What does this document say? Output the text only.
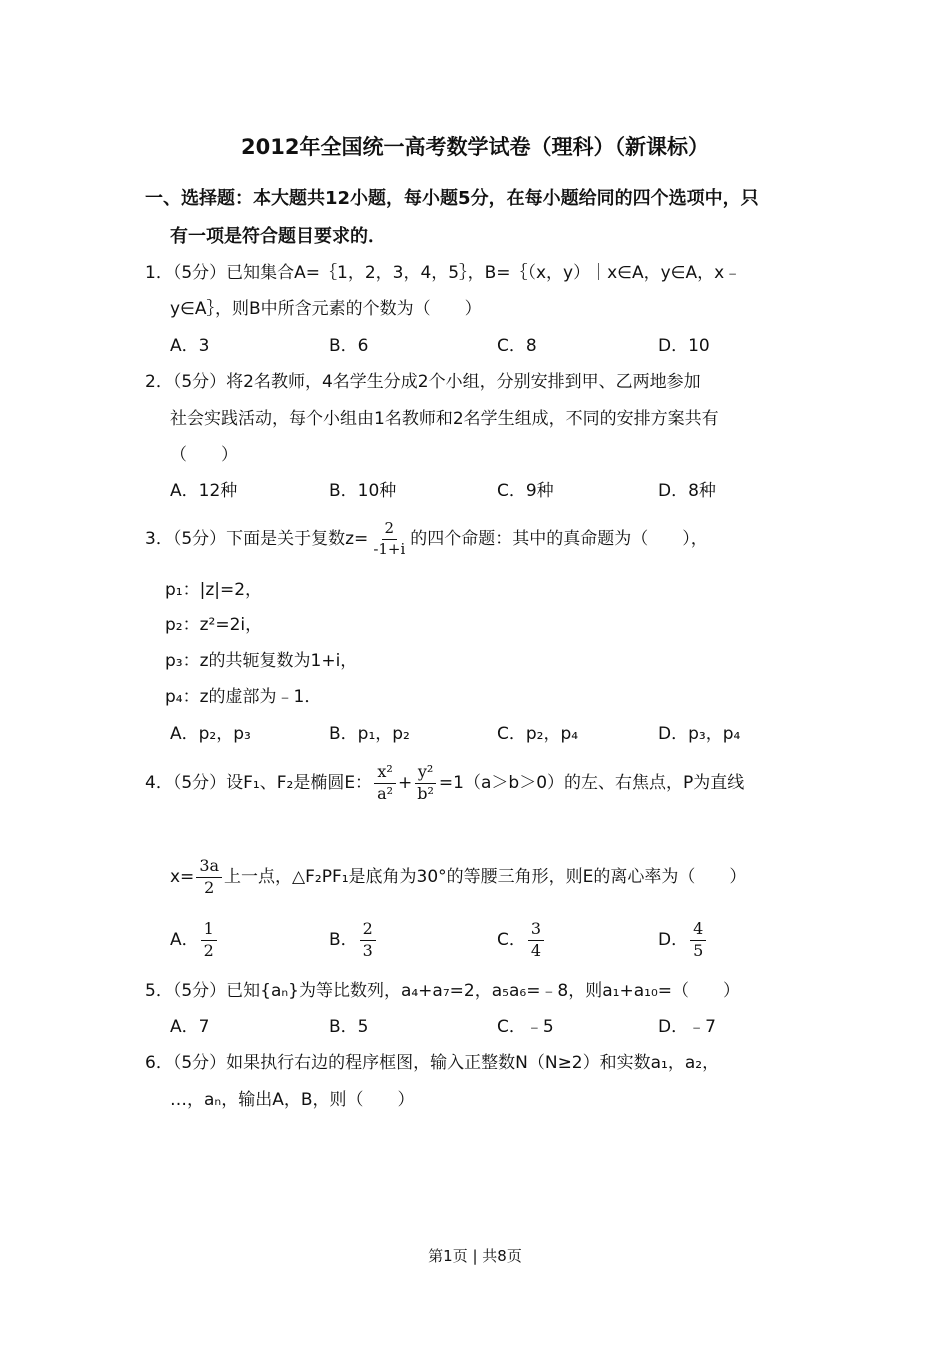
2012年全国统一高考数学试卷（理科）（新课标）
一、选择题：本大题共12小题，每小题5分，在每小题给同的四个选项中，只
有一项是符合题目要求的．
1．（5分）已知集合A=｛1，2，3，4，5｝，B=｛（x，y）｜x∈A，y∈A，x﹣
y∈A｝，则B中所含元素的个数为（　　）
A．3	B．6	C．8	D．10
2．（5分）将2名教师，4名学生分成2个小组，分别安排到甲、乙两地参加
社会实践活动，每个小组由1名教师和2名学生组成，不同的安排方案共有
（　　）
A．12种	B．10种	C．9种	D．8种
3．（5分）下面是关于复数$z= \frac{2}{-1+i}$ 的四个命题：其中的真命题为（　　），
p₁：|z|=2，
p₂：z²=2i，
p₃：z的共轭复数为1+i，
p₄：z的虚部为﹣1．
A．p₂，p₃	B．p₁，p₂	C．p₂，p₄	D．p₃，p₄
4．（5分）设F₁、F₂是椭圆E： $\frac{\text{x²}}{\text{a²}} + \frac{\text{y²}}{\text{b²}} =1(a>b>0)$的左、右焦点，P为直线
$x= \frac{3a}{2}$ 上一点，△F₂PF₁是底角为30°的等腰三角形，则E的离心率为（　　）
A． $\frac{1}{2}$	B． $\frac{2}{3}$	C． $\frac{3}{4}$	D． $\frac{4}{5}$
5．（5分）已知{aₙ}为等比数列，a₄+a₇=2，a₅a₆=﹣8，则a₁+a₁₀=（　　）
A．7	B．5	C．﹣5	D．﹣7
6．（5分）如果执行右边的程序框图，输入正整数N（N≥2）和实数a₁，a₂，
…，aₙ，输出A，B，则（　　）
第1页 | 共8页
